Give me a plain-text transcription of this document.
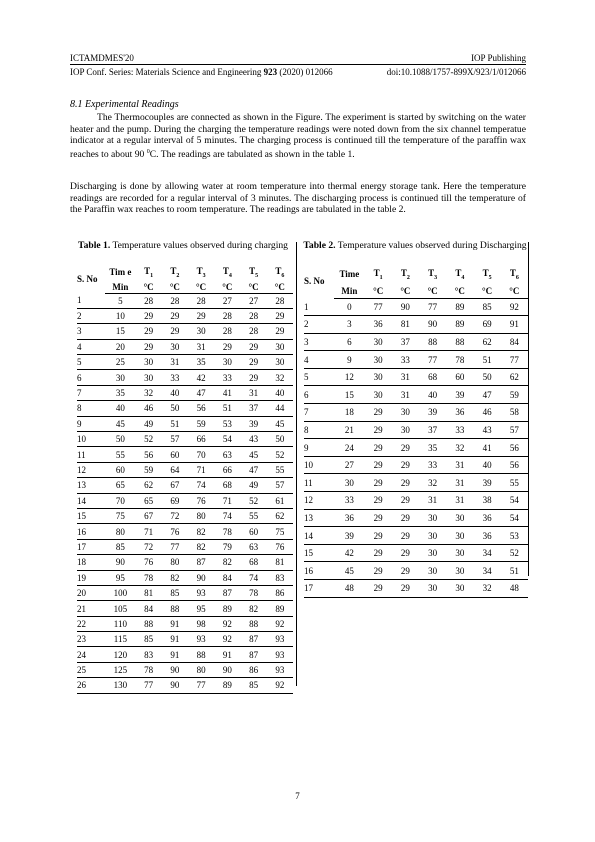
ICTAMDMES'20	IOP Publishing
IOP Conf. Series: Materials Science and Engineering 923 (2020) 012066	doi:10.1088/1757-899X/923/1/012066
8.1 Experimental Readings

The Thermocouples are connected as shown in the Figure. The experiment is started by switching on the water heater and the pump. During the charging the temperature readings were noted down from the six channel temperatue indicator at a regular interval of 5 minutes. The charging process is continued till the temperature of the paraffin wax reaches to about 90 $^0$C. The readings are tabulated as shown in the table 1.

Discharging is done by allowing water at room temperature into thermal energy storage tank. Here the temperature readings are recorded for a regular interval of 3 minutes. The discharging process is continued till the temperature of the Paraffin wax reaches to room temperature. The readings are tabulated in the table 2.

Table 1. Temperature values observed during charging	Table 2. Temperature values observed during Discharging
S. No	Tim e	$T_1$	$T_2$	$T_3$	$T_4$	$T_5$	$T_6$
	Min	°C	°C	°C	°C	°C	°C
1	5	28	28	28	27	27	28
2	10	29	29	29	28	28	29
3	15	29	29	30	28	28	29
4	20	29	30	31	29	29	30
5	25	30	31	35	30	29	30
6	30	30	33	42	33	29	32
7	35	32	40	47	41	31	40
8	40	46	50	56	51	37	44
9	45	49	51	59	53	39	45
10	50	52	57	66	54	43	50
11	55	56	60	70	63	45	52
12	60	59	64	71	66	47	55
13	65	62	67	74	68	49	57
14	70	65	69	76	71	52	61
15	75	67	72	80	74	55	62
16	80	71	76	82	78	60	75
17	85	72	77	82	79	63	76
18	90	76	80	87	82	68	81
19	95	78	82	90	84	74	83
20	100	81	85	93	87	78	86
21	105	84	88	95	89	82	89
22	110	88	91	98	92	88	92
23	115	85	91	93	92	87	93
24	120	83	91	88	91	87	93
25	125	78	90	80	90	86	93
26	130	77	90	77	89	85	92
S. No	Time	$T_1$	$T_2$	$T_3$	$T_4$	$T_5$	$T_6$
	Min	°C	°C	°C	°C	°C	°C
1	0	77	90	77	89	85	92
2	3	36	81	90	89	69	91
3	6	30	37	88	88	62	84
4	9	30	33	77	78	51	77
5	12	30	31	68	60	50	62
6	15	30	31	40	39	47	59
7	18	29	30	39	36	46	58
8	21	29	30	37	33	43	57
9	24	29	29	35	32	41	56
10	27	29	29	33	31	40	56
11	30	29	29	32	31	39	55
12	33	29	29	31	31	38	54
13	36	29	29	30	30	36	54
14	39	29	29	30	30	36	53
15	42	29	29	30	30	34	52
16	45	29	29	30	30	34	51
17	48	29	29	30	30	32	48
7
